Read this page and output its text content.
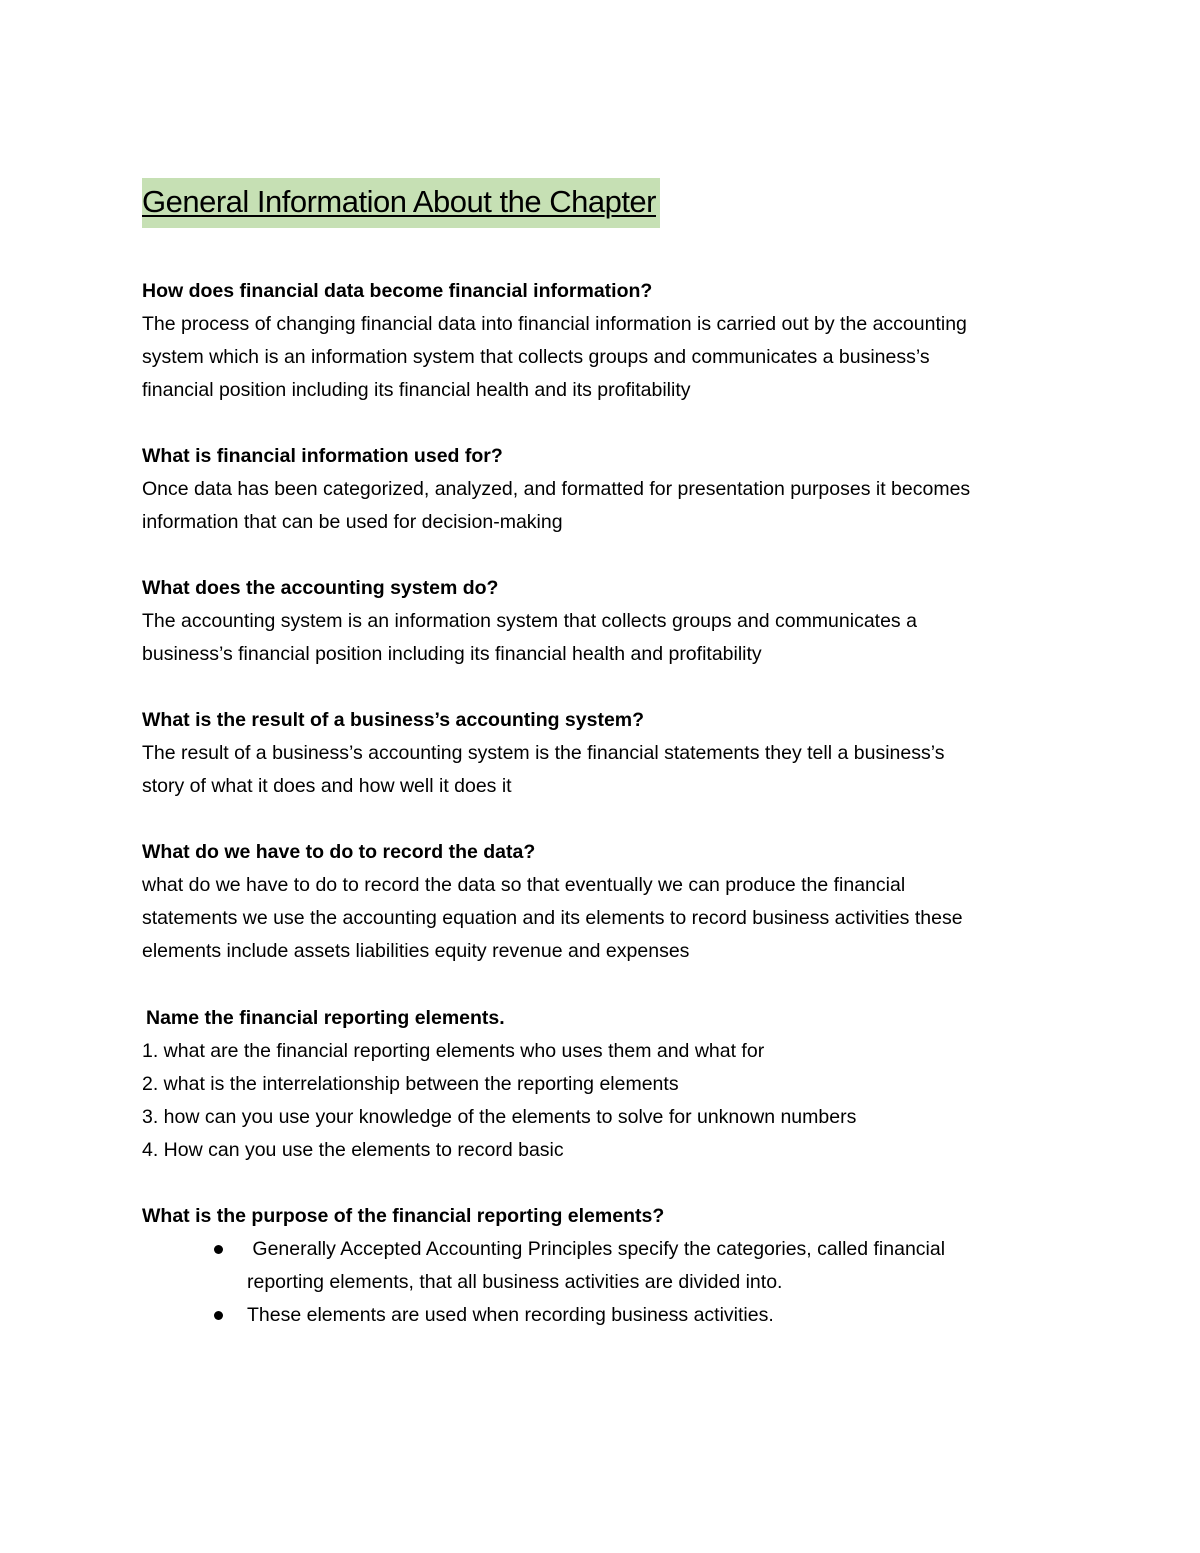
General Information About the Chapter

How does financial data become financial information?

The process of changing financial data into financial information is carried out by the accounting

system which is an information system that collects groups and communicates a business’s

financial position including its financial health and its profitability

What is financial information used for?

Once data has been categorized, analyzed, and formatted for presentation purposes it becomes

information that can be used for decision-making

What does the accounting system do?

The accounting system is an information system that collects groups and communicates a

business’s financial position including its financial health and profitability

What is the result of a business’s accounting system?

The result of a business’s accounting system is the financial statements they tell a business’s

story of what it does and how well it does it

What do we have to do to record the data?

what do we have to do to record the data so that eventually we can produce the financial

statements we use the accounting equation and its elements to record business activities these

elements include assets liabilities equity revenue and expenses

Name the financial reporting elements.

1. what are the financial reporting elements who uses them and what for
2. what is the interrelationship between the reporting elements
3. how can you use your knowledge of the elements to solve for unknown numbers
4. How can you use the elements to record basic

What is the purpose of the financial reporting elements?

Generally Accepted Accounting Principles specify the categories, called financial
reporting elements, that all business activities are divided into.
These elements are used when recording business activities.
